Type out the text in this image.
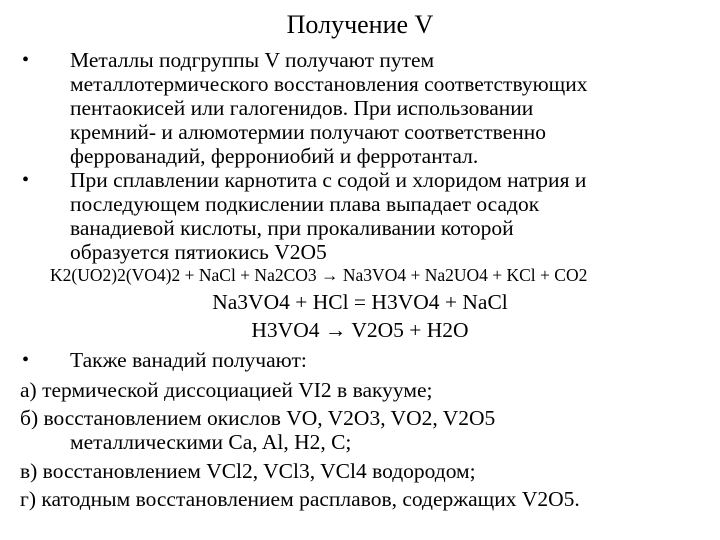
Получение V
• Металлы подгруппы V получают путем
металлотермического восстановления соответствующих
пентаокисей или галогенидов. При использовании
кремний- и алюмотермии получают соответственно
феррованадий, феррониобий и ферротантал.
• При сплавлении карнотита с содой и хлоридом натрия и
последующем подкислении плава выпадает осадок
ванадиевой кислоты, при прокаливании которой
образуется пятиокись V2O5
K2(UO2)2(VO4)2 + NaCl + Na2CO3 → Na3VO4 + Na2UO4 + KCl + CO2
Na3VO4 + HCl = H3VO4 + NaCl
H3VO4 → V2O5 + H2O
• Также ванадий получают:
а) термической диссоциацией VI2 в вакууме;
б) восстановлением окислов VO, V2O3, VO2, V2O5
металлическими Ca, Al, H2, C;
в) восстановлением VCl2, VCl3, VCl4 водородом;
г) катодным восстановлением расплавов, содержащих V2O5.
